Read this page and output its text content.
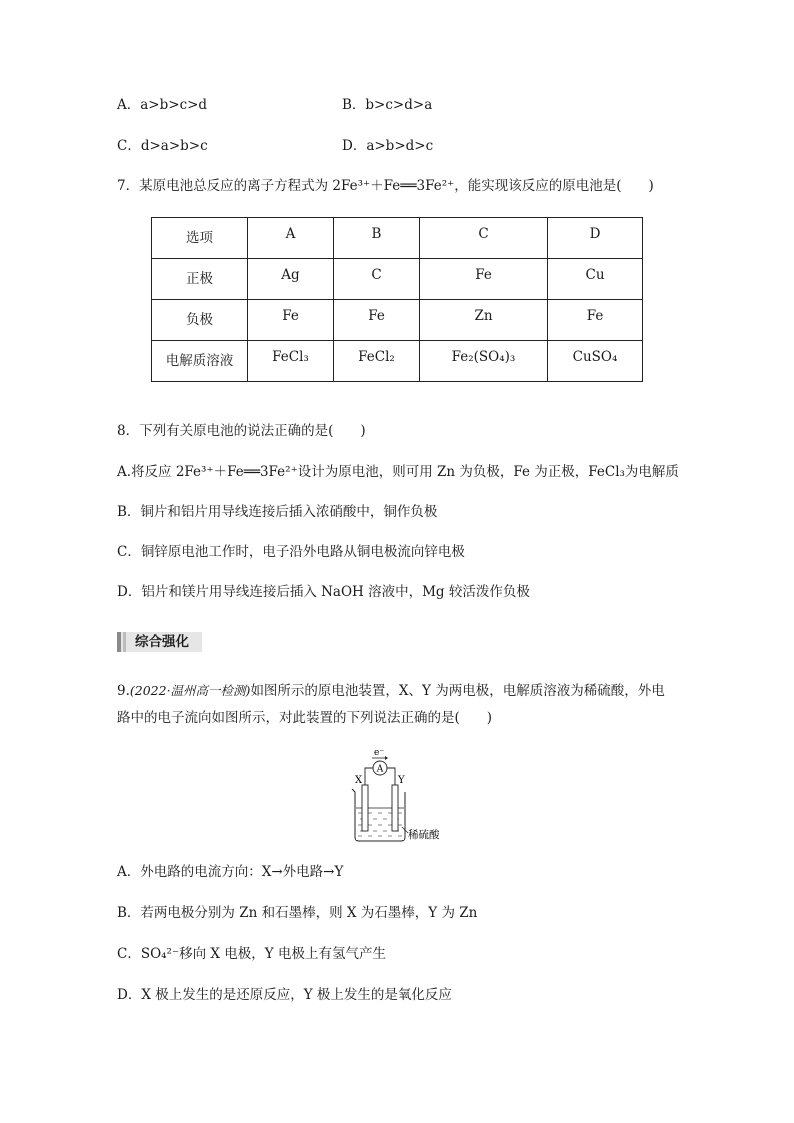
A．a>b>c>d	B．b>c>d>a
C．d>a>b>c	D．a>b>d>c
7．某原电池总反应的离子方程式为 2Fe³⁺＋Fe══3Fe²⁺，能实现该反应的原电池是(　　)
选项	A	B	C	D
正极	Ag	C	Fe	Cu
负极	Fe	Fe	Zn	Fe
电解质溶液	FeCl₃	FeCl₂	Fe₂(SO₄)₃	CuSO₄
8．下列有关原电池的说法正确的是(　　)
A.将反应 2Fe³⁺＋Fe══3Fe²⁺设计为原电池，则可用 Zn 为负极，Fe 为正极，FeCl₃为电解质
B．铜片和铝片用导线连接后插入浓硝酸中，铜作负极
C．铜锌原电池工作时，电子沿外电路从铜电极流向锌电极
D．铝片和镁片用导线连接后插入 NaOH 溶液中，Mg 较活泼作负极
综合强化
9.(2022·温州高一检测)如图所示的原电池装置，X、Y 为两电极，电解质溶液为稀硫酸，外电
路中的电子流向如图所示，对此装置的下列说法正确的是(　　)
e⁻
A
X	Y
稀硫酸
A．外电路的电流方向：X→外电路→Y
B．若两电极分别为 Zn 和石墨棒，则 X 为石墨棒，Y 为 Zn
C．SO₄²⁻移向 X 电极，Y 电极上有氢气产生
D．X 极上发生的是还原反应，Y 极上发生的是氧化反应
